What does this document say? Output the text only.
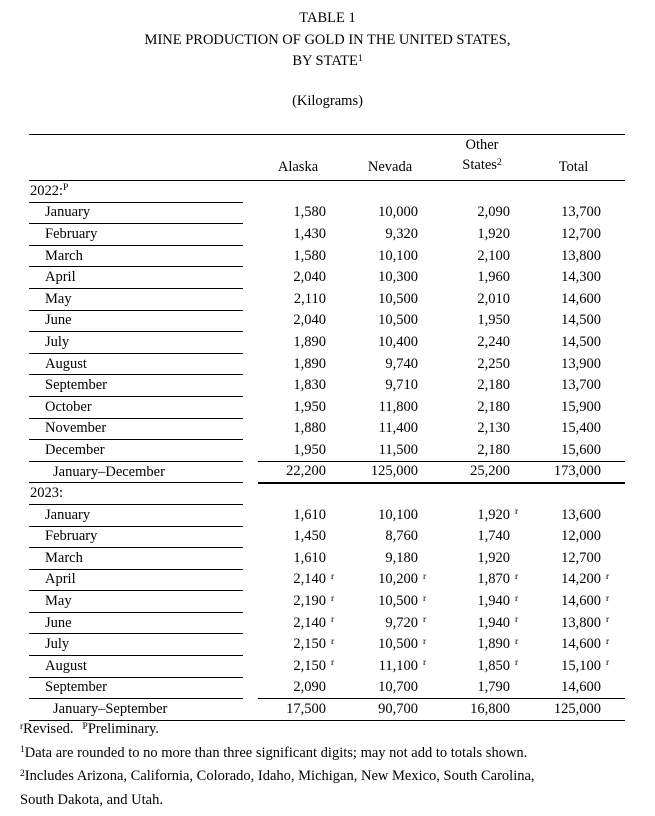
TABLE 1
MINE PRODUCTION OF GOLD IN THE UNITED STATES,
BY STATE$^1$
(Kilograms)
		Alaska	Nevada	Other
States$^2$	Total
2022:$^P$					
January		1,580	10,000	2,090	13,700
February		1,430	9,320	1,920	12,700
March		1,580	10,100	2,100	13,800
April		2,040	10,300	1,960	14,300
May		2,110	10,500	2,010	14,600
June		2,040	10,500	1,950	14,500
July		1,890	10,400	2,240	14,500
August		1,890	9,740	2,250	13,900
September		1,830	9,710	2,180	13,700
October		1,950	11,800	2,180	15,900
November		1,880	11,400	2,130	15,400
December		1,950	11,500	2,180	15,600
January–December		22,200	125,000	25,200	173,000
2023:					
January		1,610	10,100	1,920 r	13,600
February		1,450	8,760	1,740	12,000
March		1,610	9,180	1,920	12,700
April		2,140 r	10,200 r	1,870 r	14,200 r
May		2,190 r	10,500 r	1,940 r	14,600 r
June		2,140 r	9,720 r	1,940 r	13,800 r
July		2,150 r	10,500 r	1,890 r	14,600 r
August		2,150 r	11,100 r	1,850 r	15,100 r
September		2,090	10,700	1,790	14,600
January–September		17,500	90,700	16,800	125,000
$^r$Revised. $^P$Preliminary.
$^1$Data are rounded to no more than three significant digits; may not add to totals shown.
$^2$Includes Arizona, California, Colorado, Idaho, Michigan, New Mexico, South Carolina,
South Dakota, and Utah.
